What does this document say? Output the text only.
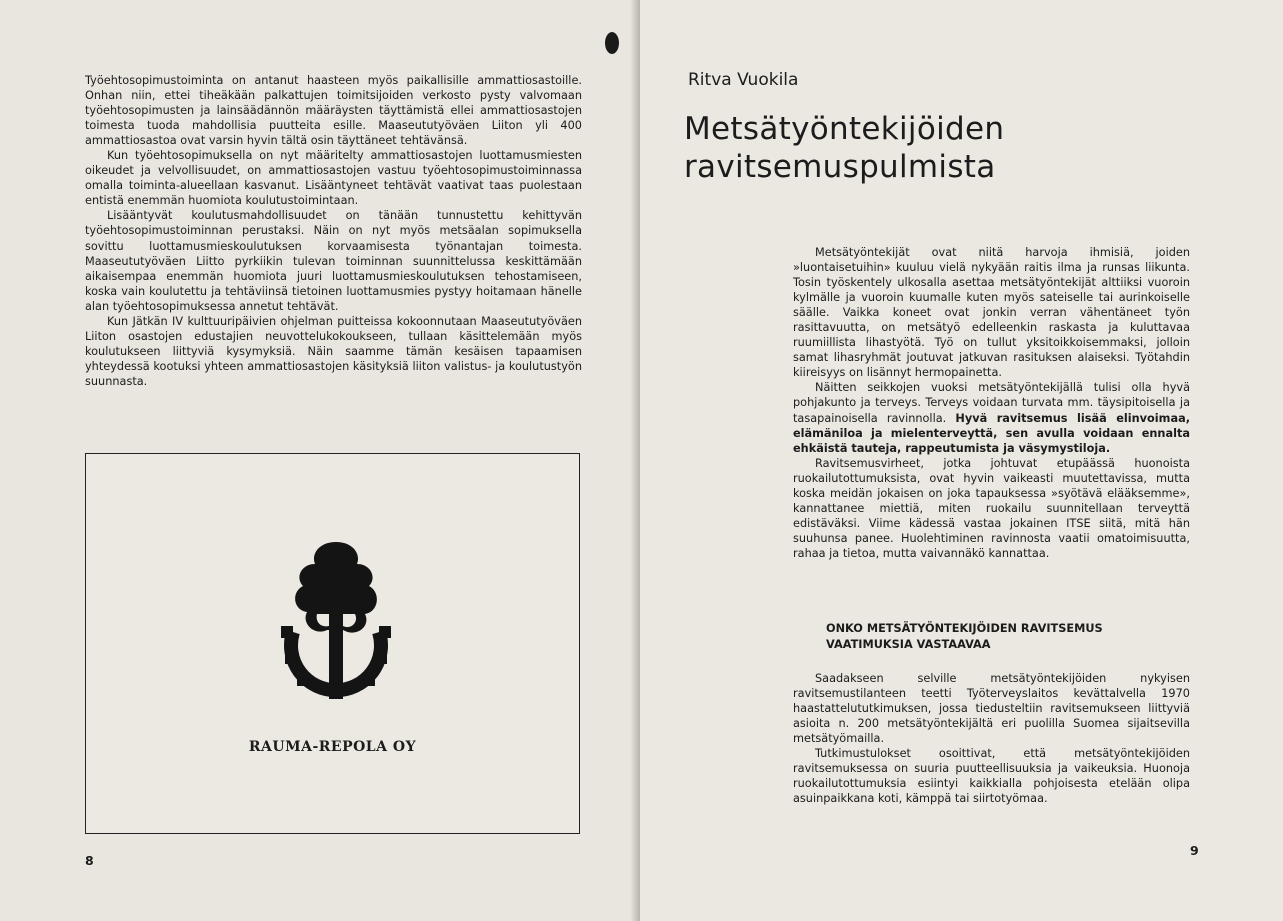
Työehtosopimustoiminta on antanut haasteen myös paikallisille ammattiosastoille. Onhan niin, ettei tiheäkään palkattujen toimitsijoiden verkosto pysty valvomaan työehtosopimusten ja lainsäädännön määräysten täyttämistä ellei ammattiosastojen toimesta tuoda mahdollisia puutteita esille. Maaseututyöväen Liiton yli 400 ammattiosastoa ovat varsin hyvin tältä osin täyttäneet tehtävänsä.

Kun työehtosopimuksella on nyt määritelty ammattiosastojen luottamusmiesten oikeudet ja velvollisuudet, on ammattiosastojen vastuu työehtosopimustoiminnassa omalla toiminta-alueellaan kasvanut. Lisääntyneet tehtävät vaativat taas puolestaan entistä enemmän huomiota koulutustoimintaan.

Lisääntyvät koulutusmahdollisuudet on tänään tunnustettu kehittyvän työehtosopimustoiminnan perustaksi. Näin on nyt myös metsäalan sopimuksella sovittu luottamusmieskoulutuksen korvaamisesta työnantajan toimesta. Maaseututyöväen Liitto pyrkiikin tulevan toiminnan suunnittelussa keskittämään aikaisempaa enemmän huomiota juuri luottamusmieskoulutuksen tehostamiseen, koska vain koulutettu ja tehtäviinsä tietoinen luottamusmies pystyy hoitamaan hänelle alan työehtosopimuksessa annetut tehtävät.

Kun Jätkän IV kulttuuripäivien ohjelman puitteissa kokoonnutaan Maaseututyöväen Liiton osastojen edustajien neuvottelukokoukseen, tullaan käsittelemään myös koulutukseen liittyviä kysymyksiä. Näin saamme tämän kesäisen tapaamisen yhteydessä kootuksi yhteen ammattiosastojen käsityksiä liiton valistus- ja koulutustyön suunnasta.

RAUMA-REPOLA OY
8
Ritva Vuokila
Metsätyöntekijöiden
ravitsemuspulmista

Metsätyöntekijät ovat niitä harvoja ihmisiä, joiden »luontaisetuihin» kuuluu vielä nykyään raitis ilma ja runsas liikunta. Tosin työskentely ulkosalla asettaa metsätyöntekijät alttiiksi vuoroin kylmälle ja vuoroin kuumalle kuten myös sateiselle tai aurinkoiselle säälle. Vaikka koneet ovat jonkin verran vähentäneet työn rasittavuutta, on metsätyö edelleenkin raskasta ja kuluttavaa ruumiillista lihastyötä. Työ on tullut yksitoikkoisemmaksi, jolloin samat lihasryhmät joutuvat jatkuvan rasituksen alaiseksi. Työtahdin kiireisyys on lisännyt hermopainetta.

Näitten seikkojen vuoksi metsätyöntekijällä tulisi olla hyvä pohjakunto ja terveys. Terveys voidaan turvata mm. täysipitoisella ja tasapainoisella ravinnolla. Hyvä ravitsemus lisää elinvoimaa, elämäniloa ja mielenterveyttä, sen avulla voidaan ennalta ehkäistä tauteja, rappeutumista ja väsymystiloja.

Ravitsemusvirheet, jotka johtuvat etupäässä huonoista ruokailutottumuksista, ovat hyvin vaikeasti muutettavissa, mutta koska meidän jokaisen on joka tapauksessa »syötävä elääksemme», kannattanee miettiä, miten ruokailu suunnitellaan terveyttä edistäväksi. Viime kädessä vastaa jokainen ITSE siitä, mitä hän suuhunsa panee. Huolehtiminen ravinnosta vaatii omatoimisuutta, rahaa ja tietoa, mutta vaivannäkö kannattaa.

ONKO METSÄTYÖNTEKIJÖIDEN RAVITSEMUS
VAATIMUKSIA VASTAAVAA

Saadakseen selville metsätyöntekijöiden nykyisen ravitsemustilanteen teetti Työterveyslaitos kevättalvella 1970 haastattelututkimuksen, jossa tiedusteltiin ravitsemukseen liittyviä asioita n. 200 metsätyöntekijältä eri puolilla Suomea sijaitsevilla metsätyömailla.

Tutkimustulokset osoittivat, että metsätyöntekijöiden ravitsemuksessa on suuria puutteellisuuksia ja vaikeuksia. Huonoja ruokailutottumuksia esiintyi kaikkialla pohjoisesta etelään olipa asuinpaikkana koti, kämppä tai siirtotyömaa.

9
